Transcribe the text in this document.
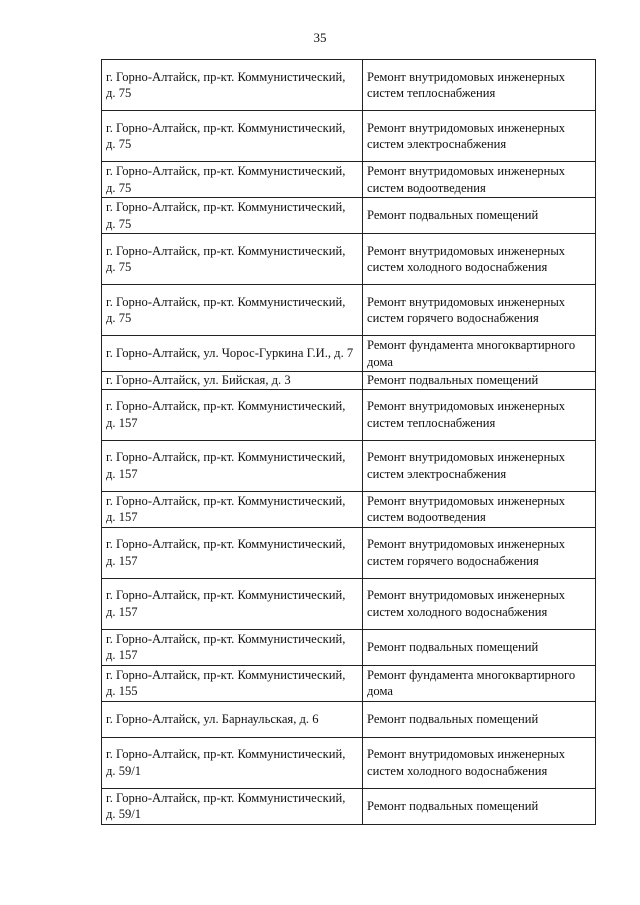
35
г. Горно-Алтайск, пр-кт. Коммунистический, д. 75	Ремонт внутридомовых инженерных систем теплоснабжения
г. Горно-Алтайск, пр-кт. Коммунистический, д. 75	Ремонт внутридомовых инженерных систем электроснабжения
г. Горно-Алтайск, пр-кт. Коммунистический, д. 75	Ремонт внутридомовых инженерных систем водоотведения
г. Горно-Алтайск, пр-кт. Коммунистический, д. 75	Ремонт подвальных помещений
г. Горно-Алтайск, пр-кт. Коммунистический, д. 75	Ремонт внутридомовых инженерных систем холодного водоснабжения
г. Горно-Алтайск, пр-кт. Коммунистический, д. 75	Ремонт внутридомовых инженерных систем горячего водоснабжения
г. Горно-Алтайск, ул. Чорос-Гуркина Г.И., д. 7	Ремонт фундамента многоквартирного дома
г. Горно-Алтайск, ул. Бийская, д. 3	Ремонт подвальных помещений
г. Горно-Алтайск, пр-кт. Коммунистический, д. 157	Ремонт внутридомовых инженерных систем теплоснабжения
г. Горно-Алтайск, пр-кт. Коммунистический, д. 157	Ремонт внутридомовых инженерных систем электроснабжения
г. Горно-Алтайск, пр-кт. Коммунистический, д. 157	Ремонт внутридомовых инженерных систем водоотведения
г. Горно-Алтайск, пр-кт. Коммунистический, д. 157	Ремонт внутридомовых инженерных систем горячего водоснабжения
г. Горно-Алтайск, пр-кт. Коммунистический, д. 157	Ремонт внутридомовых инженерных систем холодного водоснабжения
г. Горно-Алтайск, пр-кт. Коммунистический, д. 157	Ремонт подвальных помещений
г. Горно-Алтайск, пр-кт. Коммунистический, д. 155	Ремонт фундамента многоквартирного дома
г. Горно-Алтайск, ул. Барнаульская, д. 6	Ремонт подвальных помещений
г. Горно-Алтайск, пр-кт. Коммунистический, д. 59/1	Ремонт внутридомовых инженерных систем холодного водоснабжения
г. Горно-Алтайск, пр-кт. Коммунистический, д. 59/1	Ремонт подвальных помещений
